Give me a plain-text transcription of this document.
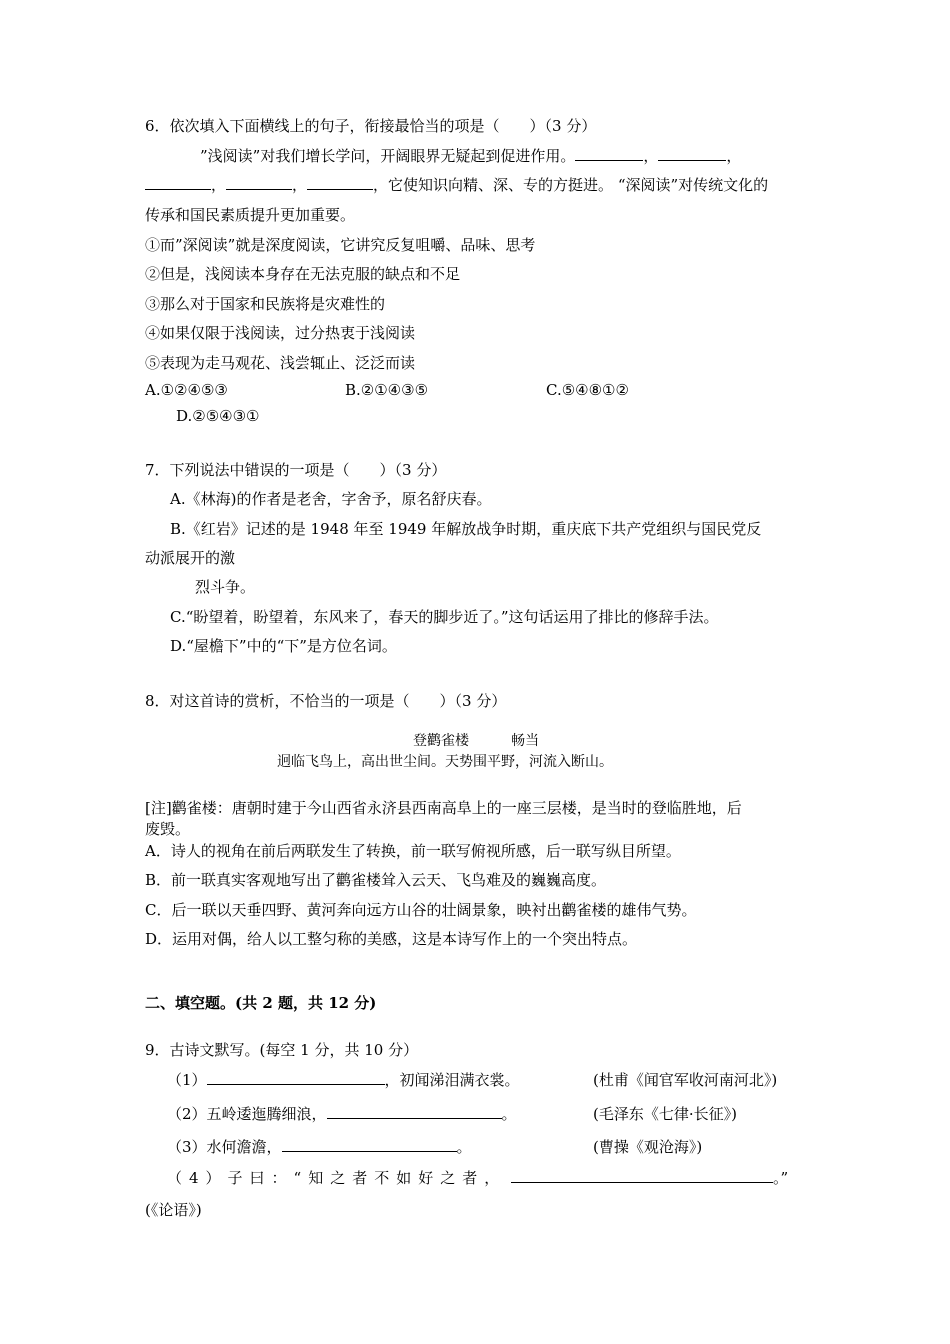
6．依次填入下面横线上的句子，衔接最恰当的项是（　　）（3 分）
”浅阅读”对我们增长学问，开阔眼界无疑起到促进作用。	，	，
，	，	，它使知识向精、深、专的方挺进。 “深阅读”对传统文化的
传承和国民素质提升更加重要。
①而”深阅读”就是深度阅读，它讲究反复咀嚼、品味、思考
②但是，浅阅读本身存在无法克服的缺点和不足
③那么对于国家和民族将是灾难性的
④如果仅限于浅阅读，过分热衷于浅阅读
⑤表现为走马观花、浅尝辄止、泛泛而读
A.①②④⑤③	B.②①④③⑤	C.⑤④⑧①②
D.②⑤④③①
7．下列说法中错误的一项是（　　）（3 分）
A.《林海)的作者是老舍，字舍予，原名舒庆春。
B.《红岩》记述的是 1948 年至 1949 年解放战争时期，重庆底下共产党组织与国民党反
动派展开的激
烈斗争。
C.“盼望着，盼望着，东风来了，春天的脚步近了。”这句话运用了排比的修辞手法。
D.“屋檐下”中的“下”是方位名词。
8．对这首诗的赏析，不恰当的一项是（　　）（3 分）
登鹳雀楼	畅当
迥临飞鸟上，高出世尘间。天势围平野，河流入断山。
[注]鹳雀楼：唐朝时建于今山西省永济县西南高阜上的一座三层楼，是当时的登临胜地，后
废毁。
A．诗人的视角在前后两联发生了转换，前一联写俯视所感，后一联写纵目所望。
B．前一联真实客观地写出了鹳雀楼耸入云天、飞鸟难及的巍巍高度。
C．后一联以天垂四野、黄河奔向远方山谷的壮阔景象，映衬出鹳雀楼的雄伟气势。
D．运用对偶，给人以工整匀称的美感，这是本诗写作上的一个突出特点。
二、填空题。(共 2 题，共 12 分)
9．古诗文默写。(每空 1 分，共 10 分）
（1）	，初闻涕泪满衣裳。	(杜甫《闻官军收河南河北》)
（2）五岭逶迤腾细浪，	。	(毛泽东《七律·长征》)
（3）水何澹澹，	。	(曹操《观沧海》)
（4）子曰：“知之者不如好之者，	。”
(《论语》)
